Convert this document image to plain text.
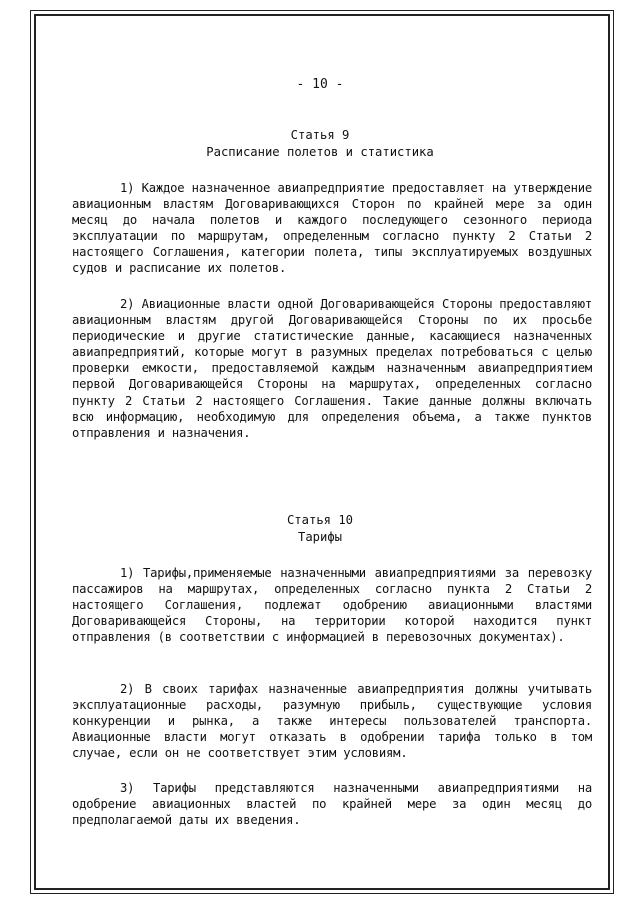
- 10 -
Статья 9
Расписание полетов и статистика
1) Каждое назначенное авиапредприятие предоставляет на утверждение авиационным властям Договаривающихся Сторон по крайней мере за один месяц до начала полетов и каждого последующего сезонного периода эксплуатации по маршрутам, определенным согласно пункту 2 Статьи 2 настоящего Соглашения, категории полета, типы эксплуатируемых воздушных судов и расписание их полетов.
2) Авиационные власти одной Договаривающейся Стороны предоставляют авиационным властям другой Договаривающейся Стороны по их просьбе периодические и другие статистические данные, касающиеся назначенных авиапредприятий, которые могут в разумных пределах потребоваться с целью проверки емкости, предоставляемой каждым назначенным авиапредприятием первой Договаривающейся Стороны на маршрутах, определенных согласно пункту 2 Статьи 2 настоящего Соглашения. Такие данные должны включать всю информацию, необходимую для определения объема, а также пунктов отправления и назначения.
Статья 10
Тарифы
1) Тарифы,применяемые назначенными авиапредприятиями за перевозку пассажиров на маршрутах, определенных согласно пункта 2 Статьи 2 настоящего Соглашения, подлежат одобрению авиационными властями Договаривающейся Стороны, на территории которой находится пункт отправления (в соответствии с информацией в перевозочных документах).
2) В своих тарифах назначенные авиапредприятия должны учитывать эксплуатационные расходы, разумную прибыль, существующие условия конкуренции и рынка, а также интересы пользователей транспорта. Авиационные власти могут отказать в одобрении тарифа только в том случае, если он не соответствует этим условиям.
3) Тарифы представляются назначенными авиапредприятиями на одобрение авиационных властей по крайней мере за один месяц до предполагаемой даты их введения.
